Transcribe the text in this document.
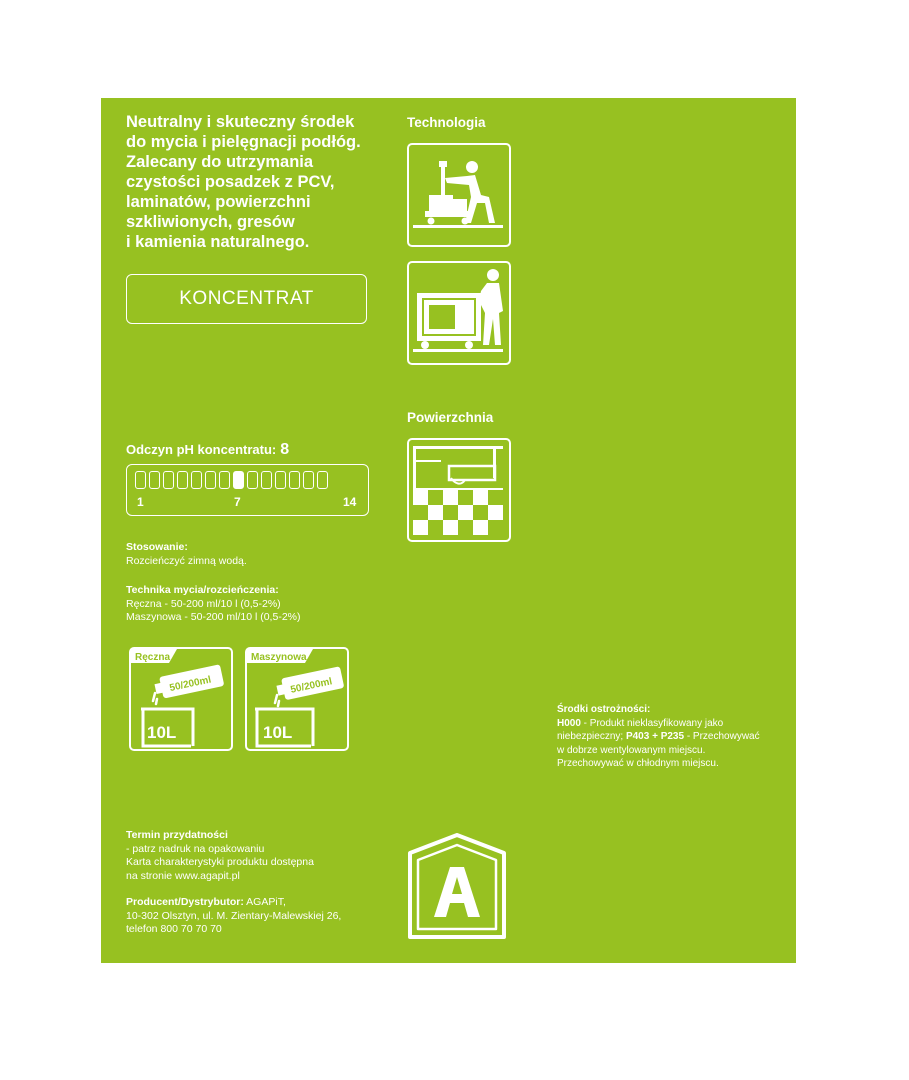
Neutralny i skuteczny środek
do mycia i pielęgnacji podłóg.
Zalecany do utrzymania
czystości posadzek z PCV,
laminatów, powierzchni
szkliwionych, gresów
i kamienia naturalnego.
KONCENTRAT
Odczyn pH koncentratu: 8
1	7	14
Stosowanie:
Rozcieńczyć zimną wodą.
Technika mycia/rozcieńczenia:
Ręczna - 50-200 ml/10 l (0,5-2%)
Maszynowa - 50-200 ml/10 l (0,5-2%)
Ręczna
50/200ml
10L
Maszynowa
50/200ml
10L
Technologia
Powierzchnia
Środki ostrożności:
H000 - Produkt nieklasyfikowany jako
niebezpieczny; P403 + P235 - Przechowywać
w dobrze wentylowanym miejscu.
Przechowywać w chłodnym miejscu.
Termin przydatności
- patrz nadruk na opakowaniu
Karta charakterystyki produktu dostępna
na stronie www.agapit.pl
Producent/Dystrybutor: AGAPiT,
10-302 Olsztyn, ul. M. Zientary-Malewskiej 26,
telefon 800 70 70 70
